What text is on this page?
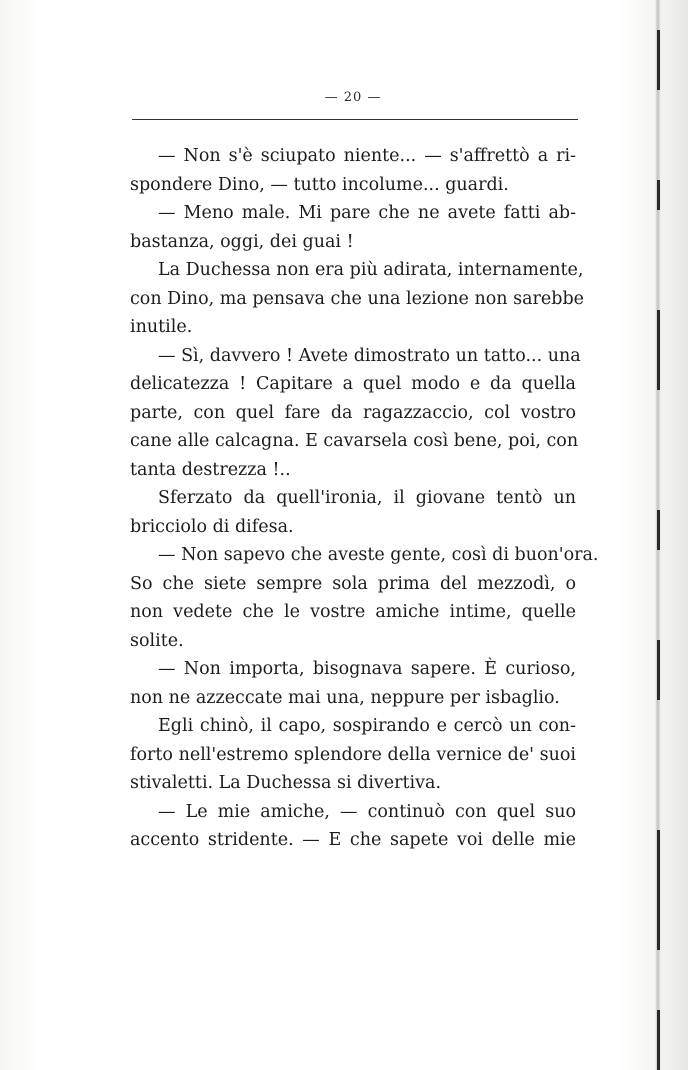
— 20 —
— Non s'è sciupato niente... — s'affrettò a ri-
spondere Dino, — tutto incolume... guardi.
— Meno male. Mi pare che ne avete fatti ab-
bastanza, oggi, dei guai !
La Duchessa non era più adirata, internamente,
con Dino, ma pensava che una lezione non sarebbe
inutile.
— Sì, davvero ! Avete dimostrato un tatto... una
delicatezza ! Capitare a quel modo e da quella
parte, con quel fare da ragazzaccio, col vostro
cane alle calcagna. E cavarsela così bene, poi, con
tanta destrezza !..
Sferzato da quell'ironia, il giovane tentò un
bricciolo di difesa.
— Non sapevo che aveste gente, così di buon'ora.
So che siete sempre sola prima del mezzodì, o
non vedete che le vostre amiche intime, quelle
solite.
— Non importa, bisognava sapere. È curioso,
non ne azzeccate mai una, neppure per isbaglio.
Egli chinò, il capo, sospirando e cercò un con-
forto nell'estremo splendore della vernice de' suoi
stivaletti. La Duchessa si divertiva.
— Le mie amiche, — continuò con quel suo
accento stridente. — E che sapete voi delle mie
